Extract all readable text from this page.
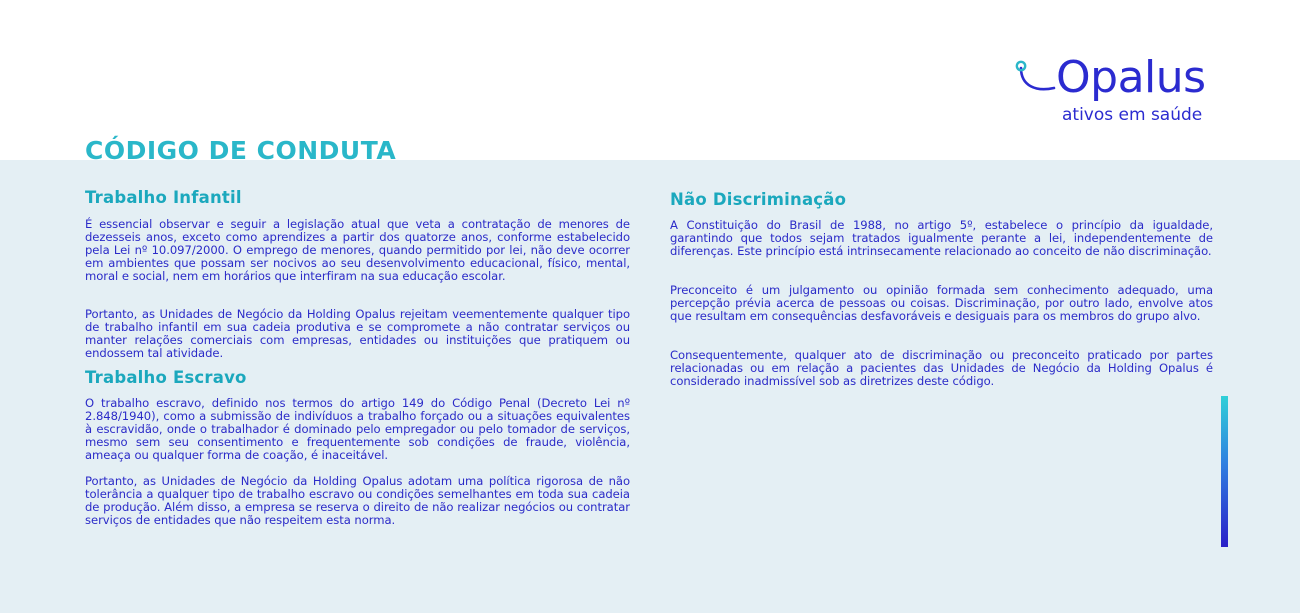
CÓDIGO DE CONDUTA
Opalus
ativos em saúde
Trabalho Infantil

É essencial observar e seguir a legislação atual que veta a contratação de menores de dezesseis anos, exceto como aprendizes a partir dos quatorze anos, conforme estabelecido pela Lei nº 10.097/2000. O emprego de menores, quando permitido por lei, não deve ocorrer em ambientes que possam ser nocivos ao seu desenvolvimento educacional, físico, mental, moral e social, nem em horários que interfiram na sua educação escolar.

Portanto, as Unidades de Negócio da Holding Opalus rejeitam veementemente qualquer tipo de trabalho infantil em sua cadeia produtiva e se compromete a não contratar serviços ou manter relações comerciais com empresas, entidades ou instituições que pratiquem ou endossem tal atividade.

Trabalho Escravo

O trabalho escravo, definido nos termos do artigo 149 do Código Penal (Decreto Lei nº 2.848/1940), como a submissão de indivíduos a trabalho forçado ou a situações equivalentes à escravidão, onde o trabalhador é dominado pelo empregador ou pelo tomador de serviços, mesmo sem seu consentimento e frequentemente sob condições de fraude, violência, ameaça ou qualquer forma de coação, é inaceitável.

Portanto, as Unidades de Negócio da Holding Opalus adotam uma política rigorosa de não tolerância a qualquer tipo de trabalho escravo ou condições semelhantes em toda sua cadeia de produção. Além disso, a empresa se reserva o direito de não realizar negócios ou contratar serviços de entidades que não respeitem esta norma.

Não Discriminação

A Constituição do Brasil de 1988, no artigo 5º, estabelece o princípio da igualdade, garantindo que todos sejam tratados igualmente perante a lei, independentemente de diferenças. Este princípio está intrinsecamente relacionado ao conceito de não discriminação.

Preconceito é um julgamento ou opinião formada sem conhecimento adequado, uma percepção prévia acerca de pessoas ou coisas. Discriminação, por outro lado, envolve atos que resultam em consequências desfavoráveis e desiguais para os membros do grupo alvo.

Consequentemente, qualquer ato de discriminação ou preconceito praticado por partes relacionadas ou em relação a pacientes das Unidades de Negócio da Holding Opalus é considerado inadmissível sob as diretrizes deste código.
